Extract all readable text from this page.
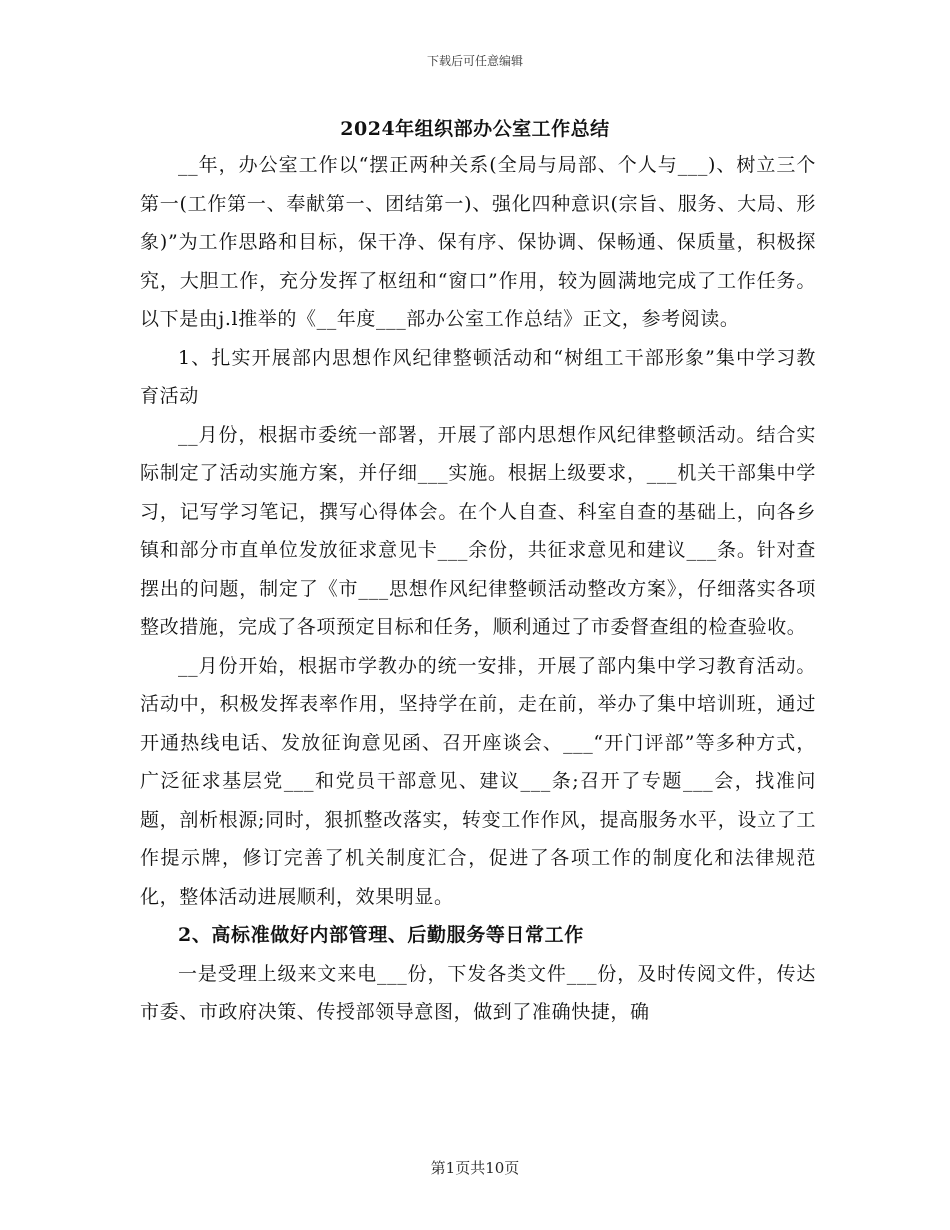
下载后可任意编辑
2024年组织部办公室工作总结

__年，办公室工作以“摆正两种关系(全局与局部、个人与___)、树立三个第一(工作第一、奉献第一、团结第一)、强化四种意识(宗旨、服务、大局、形象)”为工作思路和目标，保干净、保有序、保协调、保畅通、保质量，积极探究，大胆工作，充分发挥了枢纽和“窗口”作用，较为圆满地完成了工作任务。以下是由j.l推举的《__年度___部办公室工作总结》正文，参考阅读。

1、扎实开展部内思想作风纪律整顿活动和“树组工干部形象”集中学习教育活动

__月份，根据市委统一部署，开展了部内思想作风纪律整顿活动。结合实际制定了活动实施方案，并仔细___实施。根据上级要求，___机关干部集中学习，记写学习笔记，撰写心得体会。在个人自查、科室自查的基础上，向各乡镇和部分市直单位发放征求意见卡___余份，共征求意见和建议___条。针对查摆出的问题，制定了《市___思想作风纪律整顿活动整改方案》，仔细落实各项整改措施，完成了各项预定目标和任务，顺利通过了市委督查组的检查验收。

__月份开始，根据市学教办的统一安排，开展了部内集中学习教育活动。活动中，积极发挥表率作用，坚持学在前，走在前，举办了集中培训班，通过开通热线电话、发放征询意见函、召开座谈会、___“开门评部”等多种方式，广泛征求基层党___和党员干部意见、建议___条;召开了专题___会，找准问题，剖析根源;同时，狠抓整改落实，转变工作作风，提高服务水平，设立了工作提示牌，修订完善了机关制度汇合，促进了各项工作的制度化和法律规范化，整体活动进展顺利，效果明显。

2、高标准做好内部管理、后勤服务等日常工作

一是受理上级来文来电___份，下发各类文件___份，及时传阅文件，传达市委、市政府决策、传授部领导意图，做到了准确快捷，确

第1页共10页
